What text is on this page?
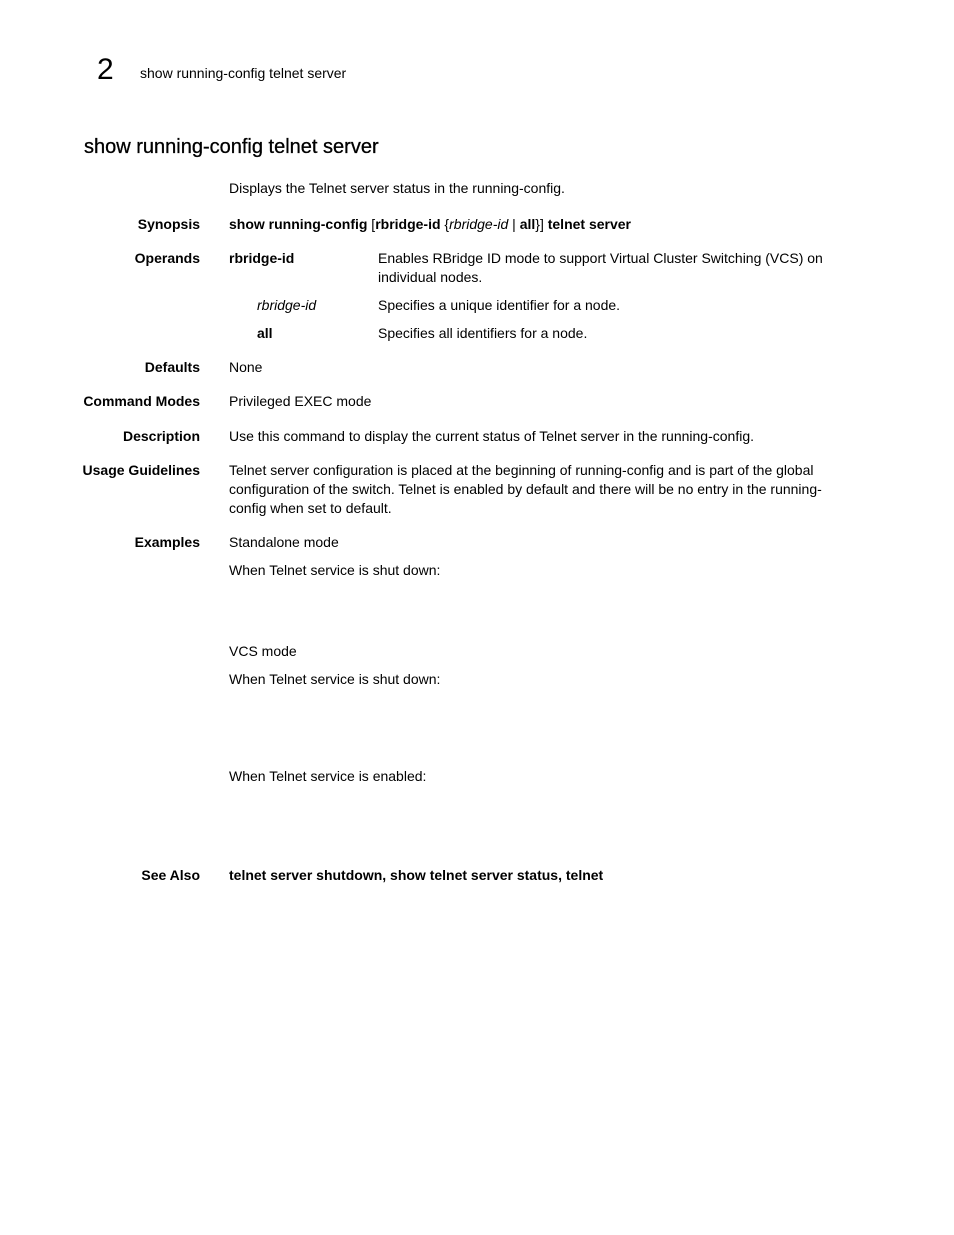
2 show running-config telnet server
show running-config telnet server
Displays the Telnet server status in the running-config.
Synopsis show running-config [rbridge-id {rbridge-id | all}] telnet server
Operands rbridge-id	Enables RBridge ID mode to support Virtual Cluster Switching (VCS) on individual nodes.
rbridge-id	Specifies a unique identifier for a node.
all	Specifies all identifiers for a node.
Defaults None
Command Modes Privileged EXEC mode
Description Use this command to display the current status of Telnet server in the running-config.
Usage Guidelines Telnet server configuration is placed at the beginning of running-config and is part of the global configuration of the switch. Telnet is enabled by default and there will be no entry in the running-config when set to default.
Examples Standalone mode
When Telnet service is shut down:
VCS mode
When Telnet service is shut down:
When Telnet service is enabled:
See Also telnet server shutdown, show telnet server status, telnet
